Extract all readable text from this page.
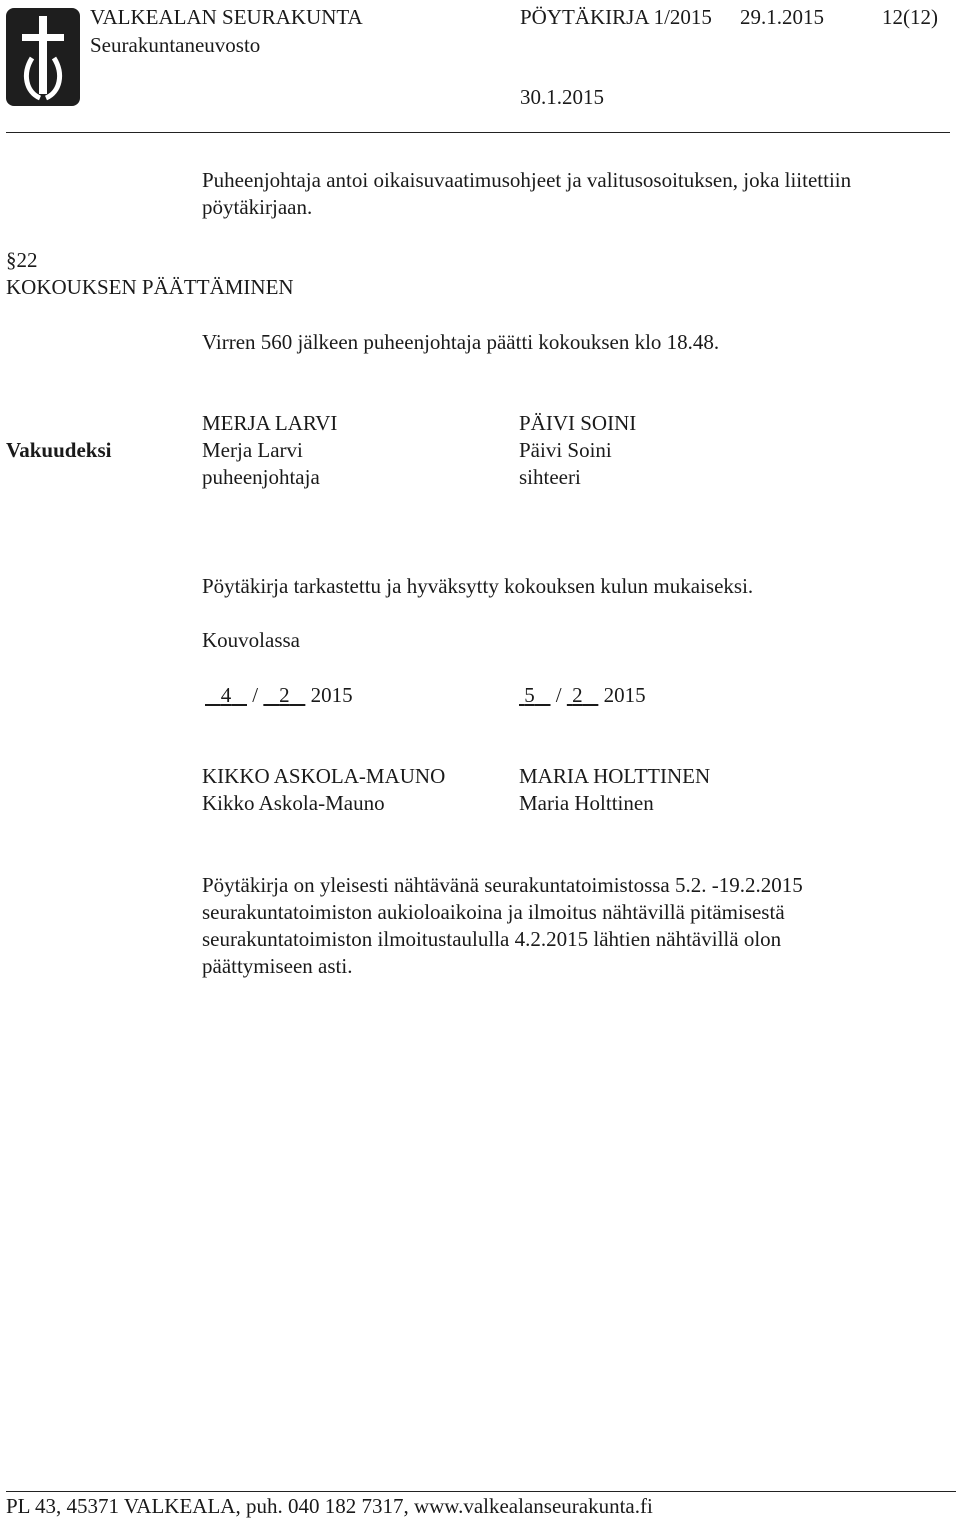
VALKEALAN SEURAKUNTA	PÖYTÄKIRJA 1/2015 29.1.2015	12(12)
Seurakuntaneuvosto
30.1.2015
Puheenjohtaja antoi oikaisuvaatimusohjeet ja valitusosoituksen, joka liitettiin pöytäkirjaan.
§22
KOKOUKSEN PÄÄTTÄMINEN
Virren 560 jälkeen puheenjohtaja päätti kokouksen klo 18.48.
Vakuudeksi
MERJA LARVI
Merja Larvi
puheenjohtaja
PÄIVI SOINI
Päivi Soini
sihteeri
Pöytäkirja tarkastettu ja hyväksytty kokouksen kulun mukaiseksi.
Kouvolassa
4    /    2 2015	5    /  2 2015
KIKKO ASKOLA-MAUNO
Kikko Askola-Mauno
MARIA HOLTTINEN
Maria Holttinen
Pöytäkirja on yleisesti nähtävänä seurakuntatoimistossa 5.2. -19.2.2015 seurakuntatoimiston aukioloaikoina ja ilmoitus nähtävillä pitämisestä seurakuntatoimiston ilmoitustaululla 4.2.2015 lähtien nähtävillä olon päättymiseen asti.
PL 43, 45371 VALKEALA, puh. 040 182 7317, www.valkealanseurakunta.fi
